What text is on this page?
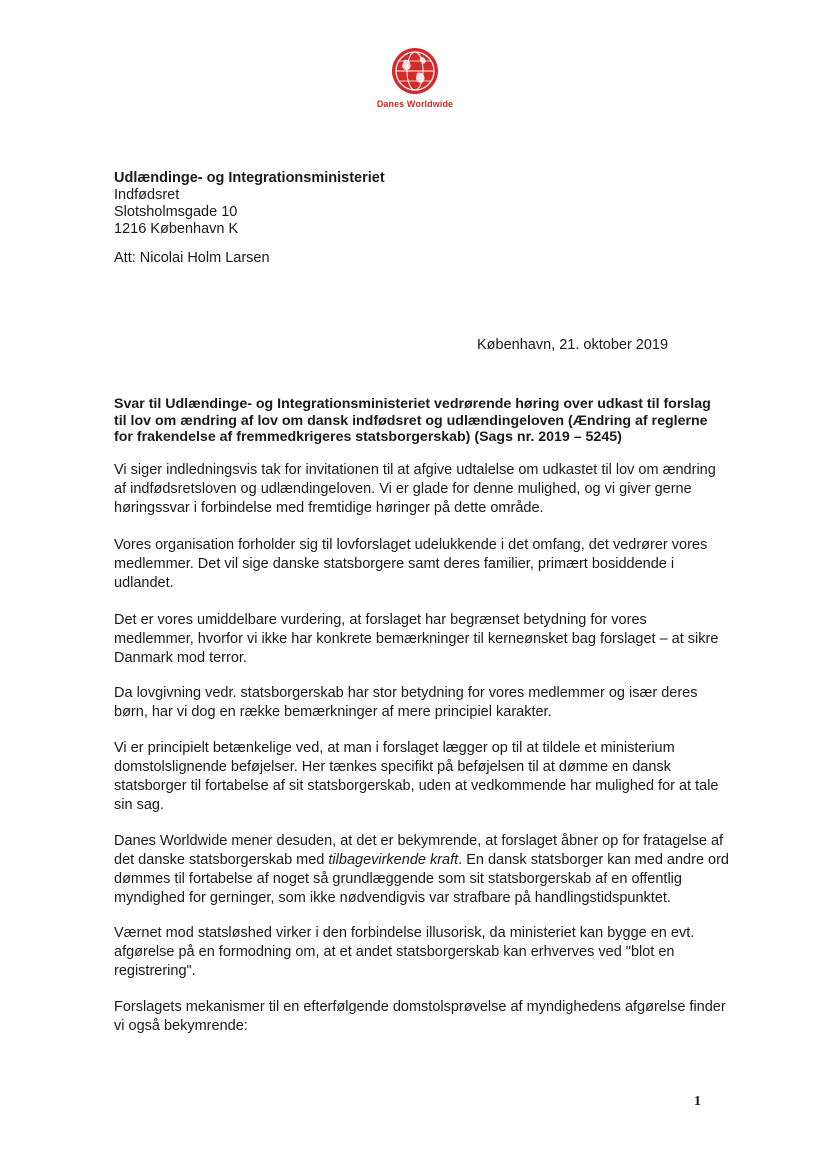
Danes Worldwide
Udlændinge- og Integrationsministeriet
Indfødsret
Slotsholmsgade 10
1216 København K
Att: Nicolai Holm Larsen
København, 21. oktober 2019
Svar til Udlændinge- og Integrationsministeriet vedrørende høring over udkast til forslag
til lov om ændring af lov om dansk indfødsret og udlændingeloven (Ændring af reglerne
for frakendelse af fremmedkrigeres statsborgerskab) (Sags nr. 2019 – 5245)
Vi siger indledningsvis tak for invitationen til at afgive udtalelse om udkastet til lov om ændring
af indfødsretsloven og udlændingeloven. Vi er glade for denne mulighed, og vi giver gerne
høringssvar i forbindelse med fremtidige høringer på dette område.
Vores organisation forholder sig til lovforslaget udelukkende i det omfang, det vedrører vores
medlemmer. Det vil sige danske statsborgere samt deres familier, primært bosiddende i
udlandet.
Det er vores umiddelbare vurdering, at forslaget har begrænset betydning for vores
medlemmer, hvorfor vi ikke har konkrete bemærkninger til kerneønsket bag forslaget – at sikre
Danmark mod terror.
Da lovgivning vedr. statsborgerskab har stor betydning for vores medlemmer og især deres
børn, har vi dog en række bemærkninger af mere principiel karakter.
Vi er principielt betænkelige ved, at man i forslaget lægger op til at tildele et ministerium
domstolslignende beføjelser. Her tænkes specifikt på beføjelsen til at dømme en dansk
statsborger til fortabelse af sit statsborgerskab, uden at vedkommende har mulighed for at tale
sin sag.
Danes Worldwide mener desuden, at det er bekymrende, at forslaget åbner op for fratagelse af
det danske statsborgerskab med tilbagevirkende kraft. En dansk statsborger kan med andre ord
dømmes til fortabelse af noget så grundlæggende som sit statsborgerskab af en offentlig
myndighed for gerninger, som ikke nødvendigvis var strafbare på handlingstidspunktet.
Værnet mod statsløshed virker i den forbindelse illusorisk, da ministeriet kan bygge en evt.
afgørelse på en formodning om, at et andet statsborgerskab kan erhverves ved "blot en
registrering".
Forslagets mekanismer til en efterfølgende domstolsprøvelse af myndighedens afgørelse finder
vi også bekymrende:
1
